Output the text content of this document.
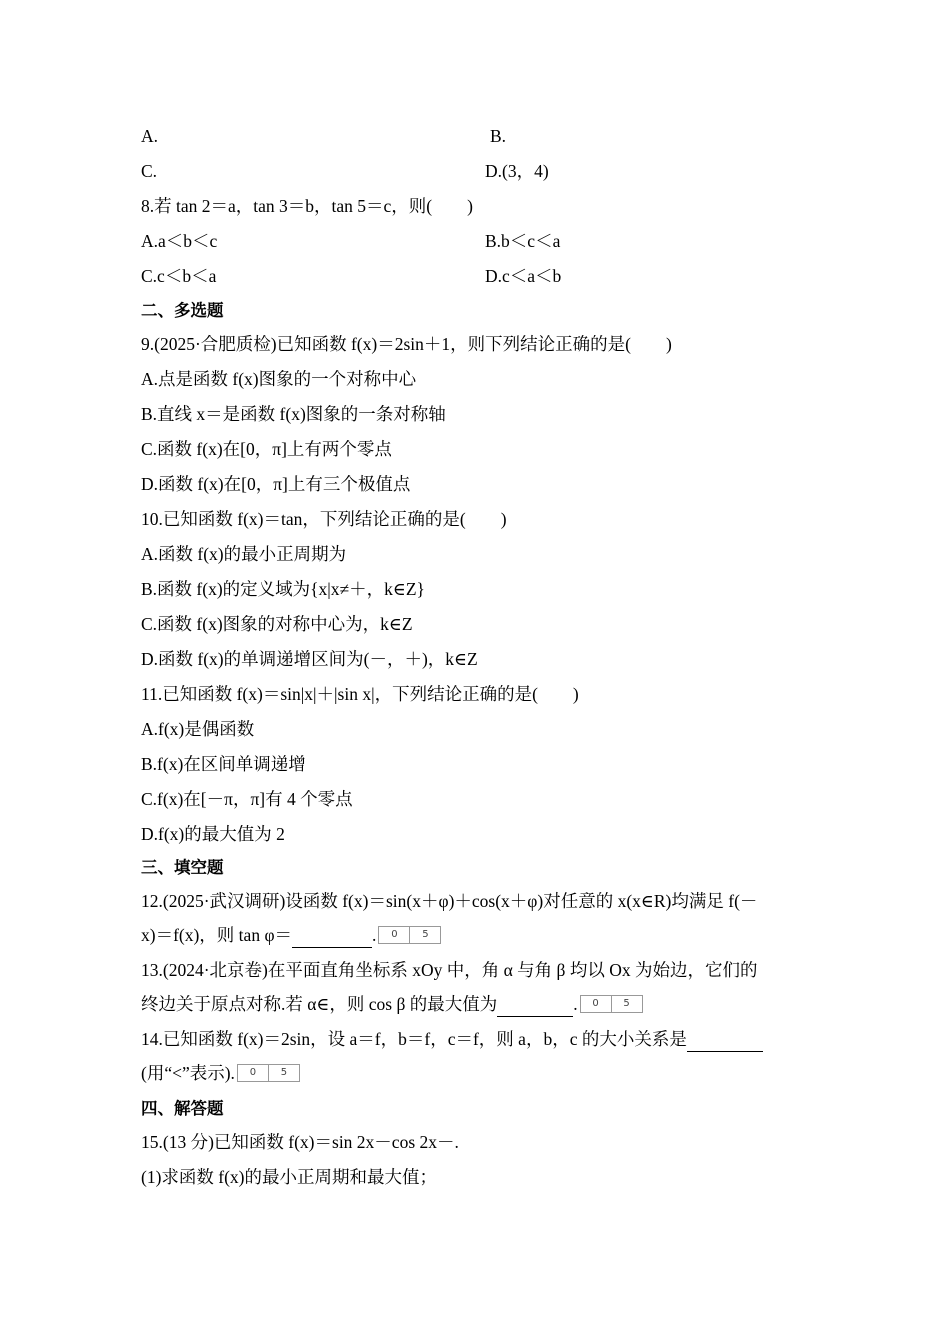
A.	B.
C.	D.(3，4)
8.若 tan 2＝a，tan 3＝b，tan 5＝c，则(　　)
A.a＜b＜c	B.b＜c＜a
C.c＜b＜a	D.c＜a＜b
二、多选题
9.(2025·合肥质检)已知函数 f(x)＝2sin＋1，则下列结论正确的是(　　)
A.点是函数 f(x)图象的一个对称中心
B.直线 x＝是函数 f(x)图象的一条对称轴
C.函数 f(x)在[0，π]上有两个零点
D.函数 f(x)在[0，π]上有三个极值点
10.已知函数 f(x)＝tan，下列结论正确的是(　　)
A.函数 f(x)的最小正周期为
B.函数 f(x)的定义域为{x|x≠＋，k∈Z}
C.函数 f(x)图象的对称中心为，k∈Z
D.函数 f(x)的单调递增区间为(－，＋)，k∈Z
11.已知函数 f(x)＝sin|x|＋|sin x|，下列结论正确的是(　　)
A.f(x)是偶函数
B.f(x)在区间单调递增
C.f(x)在[－π，π]有 4 个零点
D.f(x)的最大值为 2
三、填空题
12.(2025·武汉调研)设函数 f(x)＝sin(x＋φ)＋cos(x＋φ)对任意的 x(x∈R)均满足 f(－
x)＝f(x)，则 tan φ＝	. 0 5
13.(2024·北京卷)在平面直角坐标系 xOy 中，角 α 与角 β 均以 Ox 为始边，它们的
终边关于原点对称.若 α∈，则 cos β 的最大值为	. 0 5
14.已知函数 f(x)＝2sin，设 a＝f，b＝f，c＝f，则 a，b，c 的大小关系是
(用“<”表示). 0 5
四、解答题
15.(13 分)已知函数 f(x)＝sin 2x－cos 2x－.
(1)求函数 f(x)的最小正周期和最大值；
